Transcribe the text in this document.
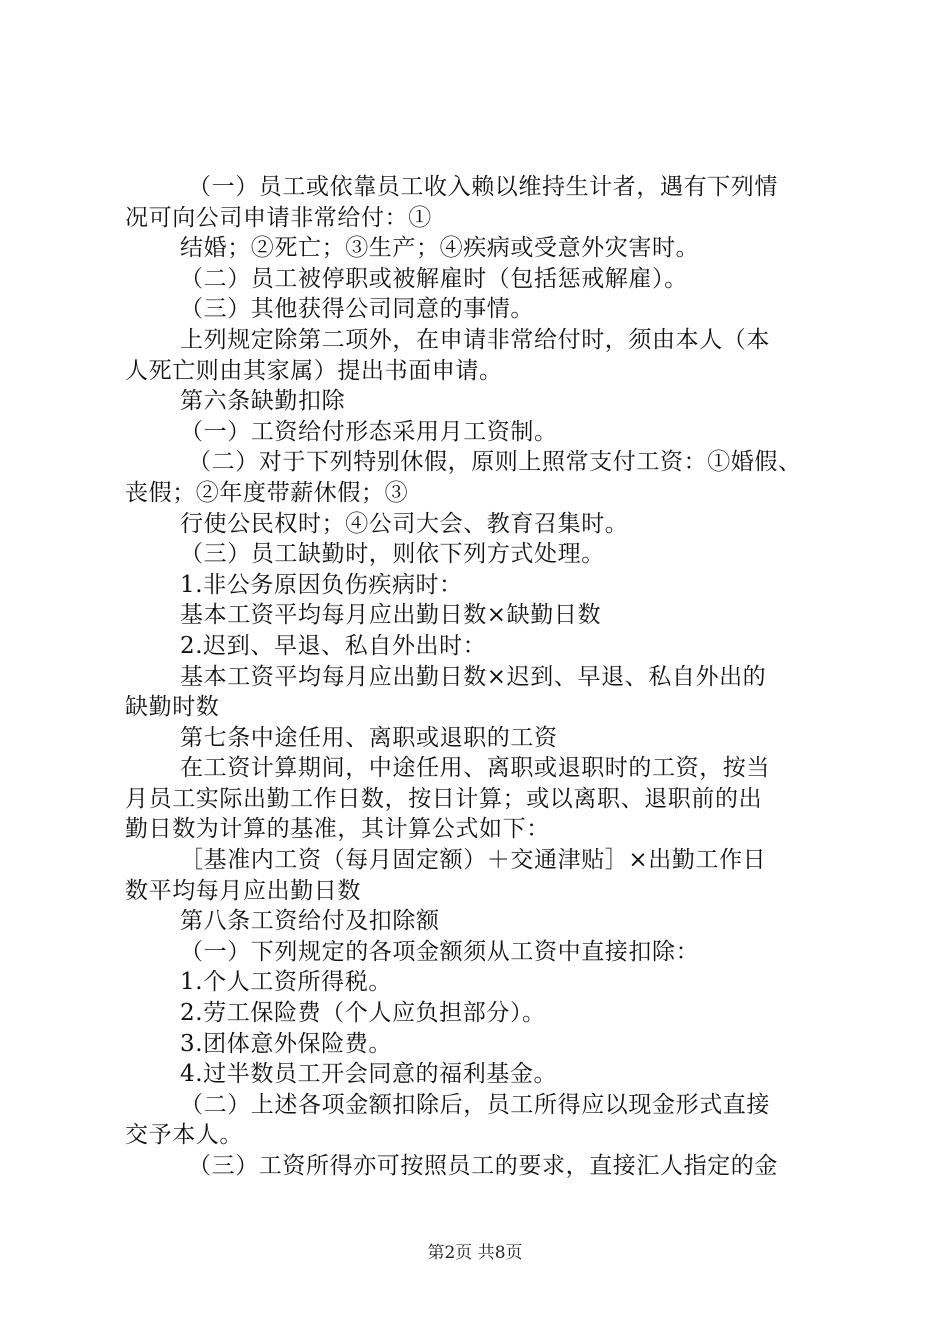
（一）员工或依靠员工收入赖以维持生计者，遇有下列情
况可向公司申请非常给付：①
结婚；②死亡；③生产；④疾病或受意外灾害时。
（二）员工被停职或被解雇时（包括惩戒解雇）。
（三）其他获得公司同意的事情。
上列规定除第二项外，在申请非常给付时，须由本人（本
人死亡则由其家属）提出书面申请。
第六条缺勤扣除
（一）工资给付形态采用月工资制。
（二）对于下列特别休假，原则上照常支付工资：①婚假、
丧假；②年度带薪休假；③
行使公民权时；④公司大会、教育召集时。
（三）员工缺勤时，则依下列方式处理。
1.非公务原因负伤疾病时：
基本工资平均每月应出勤日数×缺勤日数
2.迟到、早退、私自外出时：
基本工资平均每月应出勤日数×迟到、早退、私自外出的
缺勤时数
第七条中途任用、离职或退职的工资
在工资计算期间，中途任用、离职或退职时的工资，按当
月员工实际出勤工作日数，按日计算；或以离职、退职前的出
勤日数为计算的基准，其计算公式如下：
［基准内工资（每月固定额）＋交通津贴］×出勤工作日
数平均每月应出勤日数
第八条工资给付及扣除额
（一）下列规定的各项金额须从工资中直接扣除：
1.个人工资所得税。
2.劳工保险费（个人应负担部分）。
3.团体意外保险费。
4.过半数员工开会同意的福利基金。
（二）上述各项金额扣除后，员工所得应以现金形式直接
交予本人。
（三）工资所得亦可按照员工的要求，直接汇人指定的金
第2页 共8页
